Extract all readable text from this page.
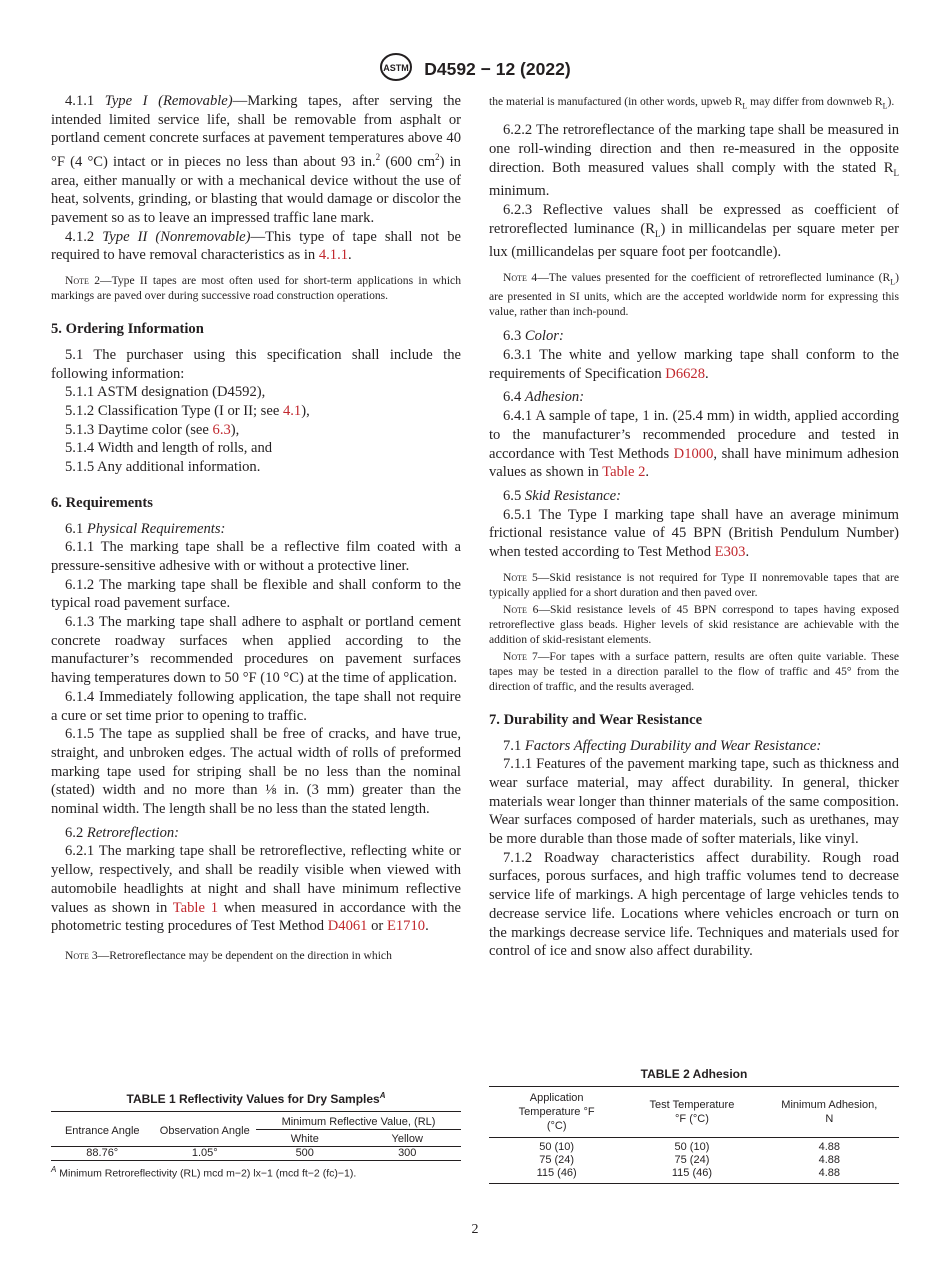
ASTM D4592 − 12 (2022)

4.1.1 Type I (Removable)—Marking tapes, after serving the intended limited service life, shall be removable from asphalt or portland cement concrete surfaces at pavement temperatures above 40 °F (4 °C) intact or in pieces no less than about 93 in.$^2$ (600 $cm^2$) in area, either manually or with a mechanical device without the use of heat, solvents, grinding, or blasting that would damage or discolor the pavement so as to leave an impressed traffic lane mark.

4.1.2 Type II (Nonremovable)—This type of tape shall not be required to have removal characteristics as in 4.1.1.

Note 2—Type II tapes are most often used for short-term applications in which markings are paved over during successive road construction operations.
5. Ordering Information

5.1 The purchaser using this specification shall include the following information:

5.1.1 ASTM designation (D4592),

5.1.2 Classification Type (I or II; see 4.1),

5.1.3 Daytime color (see 6.3),

5.1.4 Width and length of rolls, and

5.1.5 Any additional information.

6. Requirements

6.1 Physical Requirements:

6.1.1 The marking tape shall be a reflective film coated with a pressure-sensitive adhesive with or without a protective liner.

6.1.2 The marking tape shall be flexible and shall conform to the typical road pavement surface.

6.1.3 The marking tape shall adhere to asphalt or portland cement concrete roadway surfaces when applied according to the manufacturer’s recommended procedures on pavement surfaces having temperatures down to 50 °F (10 °C) at the time of application.

6.1.4 Immediately following application, the tape shall not require a cure or set time prior to opening to traffic.

6.1.5 The tape as supplied shall be free of cracks, and have true, straight, and unbroken edges. The actual width of rolls of preformed marking tape used for striping shall be no less than the nominal (stated) width and no more than ⅛ in. (3 mm) greater than the nominal width. The length shall be no less than the stated length.

6.2 Retroreflection:

6.2.1 The marking tape shall be retroreflective, reflecting white or yellow, respectively, and shall be readily visible when viewed with automobile headlights at night and shall have minimum reflective values as shown in Table 1 when measured in accordance with the photometric testing procedures of Test Method D4061 or E1710.

Note 3—Retroreflectance may be dependent on the direction in which
the material is manufactured (in other words, upweb $R_L$ may differ from downweb $R_L$).

6.2.2 The retroreflectance of the marking tape shall be measured in one roll-winding direction and then re-measured in the opposite direction. Both measured values shall comply with the stated $R_L$ minimum.

6.2.3 Reflective values shall be expressed as coefficient of retroreflected luminance $(R_L)$ in millicandelas per square meter per lux (millicandelas per square foot per footcandle).

Note 4—The values presented for the coefficient of retroreflected luminance $(R_L)$ are presented in SI units, which are the accepted worldwide norm for expressing this value, rather than inch-pound.

6.3 Color:

6.3.1 The white and yellow marking tape shall conform to the requirements of Specification D6628.

6.4 Adhesion:

6.4.1 A sample of tape, 1 in. (25.4 mm) in width, applied according to the manufacturer’s recommended procedure and tested in accordance with Test Methods D1000, shall have minimum adhesion values as shown in Table 2.

6.5 Skid Resistance:

6.5.1 The Type I marking tape shall have an average minimum frictional resistance value of 45 BPN (British Pendulum Number) when tested according to Test Method E303.

Note 5—Skid resistance is not required for Type II nonremovable tapes that are typically applied for a short duration and then paved over.
Note 6—Skid resistance levels of 45 BPN correspond to tapes having exposed retroreflective glass beads. Higher levels of skid resistance are achievable with the addition of skid-resistant elements.
Note 7—For tapes with a surface pattern, results are often quite variable. These tapes may be tested in a direction parallel to the flow of traffic and 45° from the direction of traffic, and the results averaged.
7. Durability and Wear Resistance

7.1 Factors Affecting Durability and Wear Resistance:

7.1.1 Features of the pavement marking tape, such as thickness and wear surface material, may affect durability. In general, thicker materials wear longer than thinner materials of the same composition. Wear surfaces composed of harder materials, such as urethanes, may be more durable than those made of softer materials, like vinyl.

7.1.2 Roadway characteristics affect durability. Rough road surfaces, porous surfaces, and high traffic volumes tend to decrease service life of markings. A high percentage of large vehicles tends to decrease service life. Locations where vehicles encroach or turn on the markings decrease service life. Techniques and materials used for control of ice and snow also affect durability.

TABLE 1 Reflectivity Values for Dry Samples$^A$
Entrance Angle	Observation Angle	Minimum Reflective Value, (RL)	
		White	Yellow
88.76°	1.05°	500	300
$^A$ Minimum Retroreflectivity (RL) mcd m−2) lx−1 (mcd ft−2 (fc)−1).
TABLE 2 Adhesion
Application Temperature °F (°C)	Test Temperature °F (°C)	Minimum Adhesion, N
50 (10)	50 (10)	4.88
75 (24)	75 (24)	4.88
115 (46)	115 (46)	4.88
2
